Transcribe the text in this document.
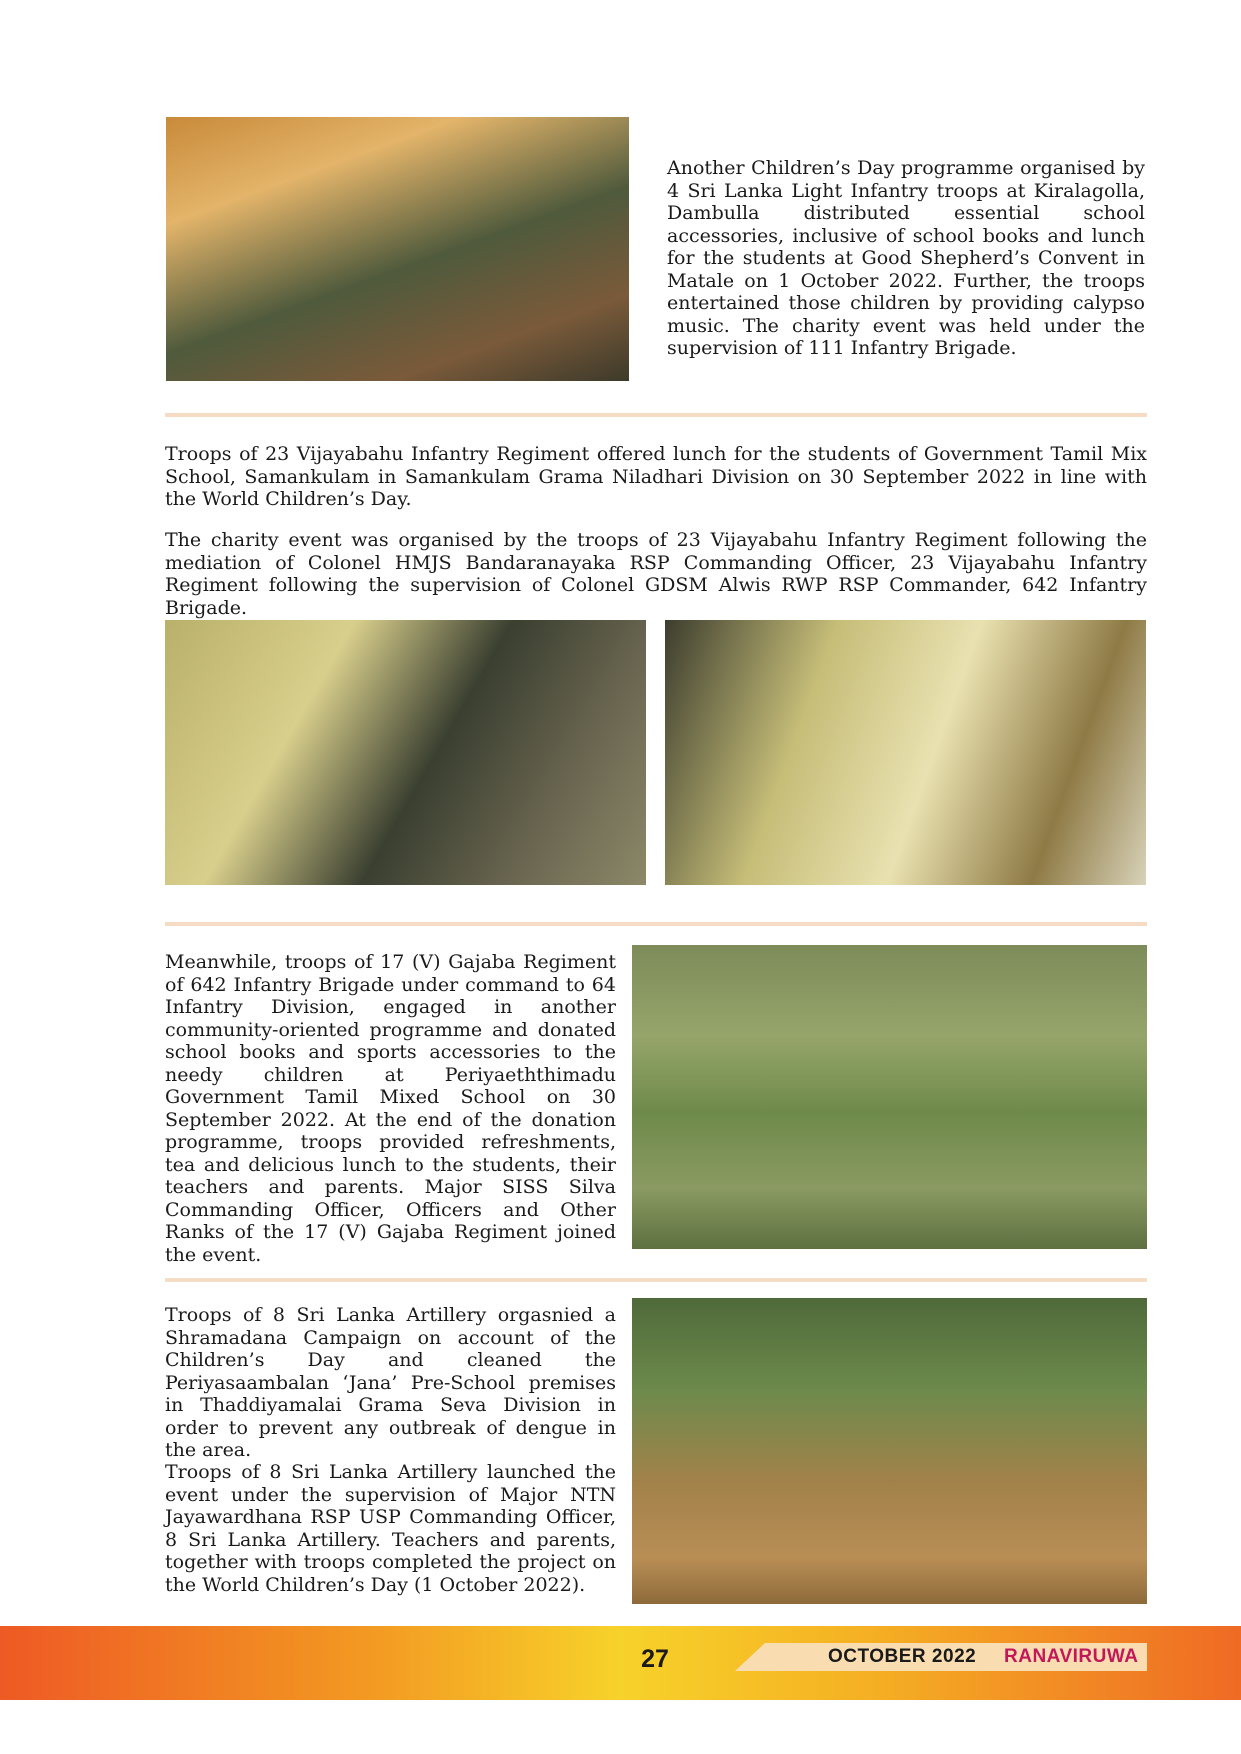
Another Children’s Day programme organised by 4 Sri Lanka Light Infantry troops at Kiralagolla, Dambulla distributed essential school accessories, inclusive of school books and lunch for the students at Good Shepherd’s Convent in Matale on 1 October 2022. Further, the troops entertained those children by providing calypso music. The charity event was held under the supervision of 111 Infantry Brigade.

Troops of 23 Vijayabahu Infantry Regiment offered lunch for the students of Government Tamil Mix School, Samankulam in Samankulam Grama Niladhari Division on 30 September 2022 in line with the World Children’s Day.

The charity event was organised by the troops of 23 Vijayabahu Infantry Regiment following the mediation of Colonel HMJS Bandaranayaka RSP Commanding Officer, 23 Vijayabahu Infantry Regiment following the supervision of Colonel GDSM Alwis RWP RSP Commander, 642 Infantry Brigade.

Meanwhile, troops of 17 (V) Gajaba Regiment of 642 Infantry Brigade under command to 64 Infantry Division, engaged in another community-oriented programme and donated school books and sports accessories to the needy children at Periyaeththimadu Government Tamil Mixed School on 30 September 2022. At the end of the donation programme, troops provided refreshments, tea and delicious lunch to the students, their teachers and parents. Major SISS Silva Commanding Officer, Officers and Other Ranks of the 17 (V) Gajaba Regiment joined the event.

Troops of 8 Sri Lanka Artillery orgasnied a Shramadana Campaign on account of the Children’s Day and cleaned the Periyasaambalan ‘Jana’ Pre-School premises in Thaddiyamalai Grama Seva Division in order to prevent any outbreak of dengue in the area.

Troops of 8 Sri Lanka Artillery launched the event under the supervision of Major NTN Jayawardhana RSP USP Commanding Officer, 8 Sri Lanka Artillery. Teachers and parents, together with troops completed the project on the World Children’s Day (1 October 2022).

27	OCTOBER 2022 RANAVIRUWA
